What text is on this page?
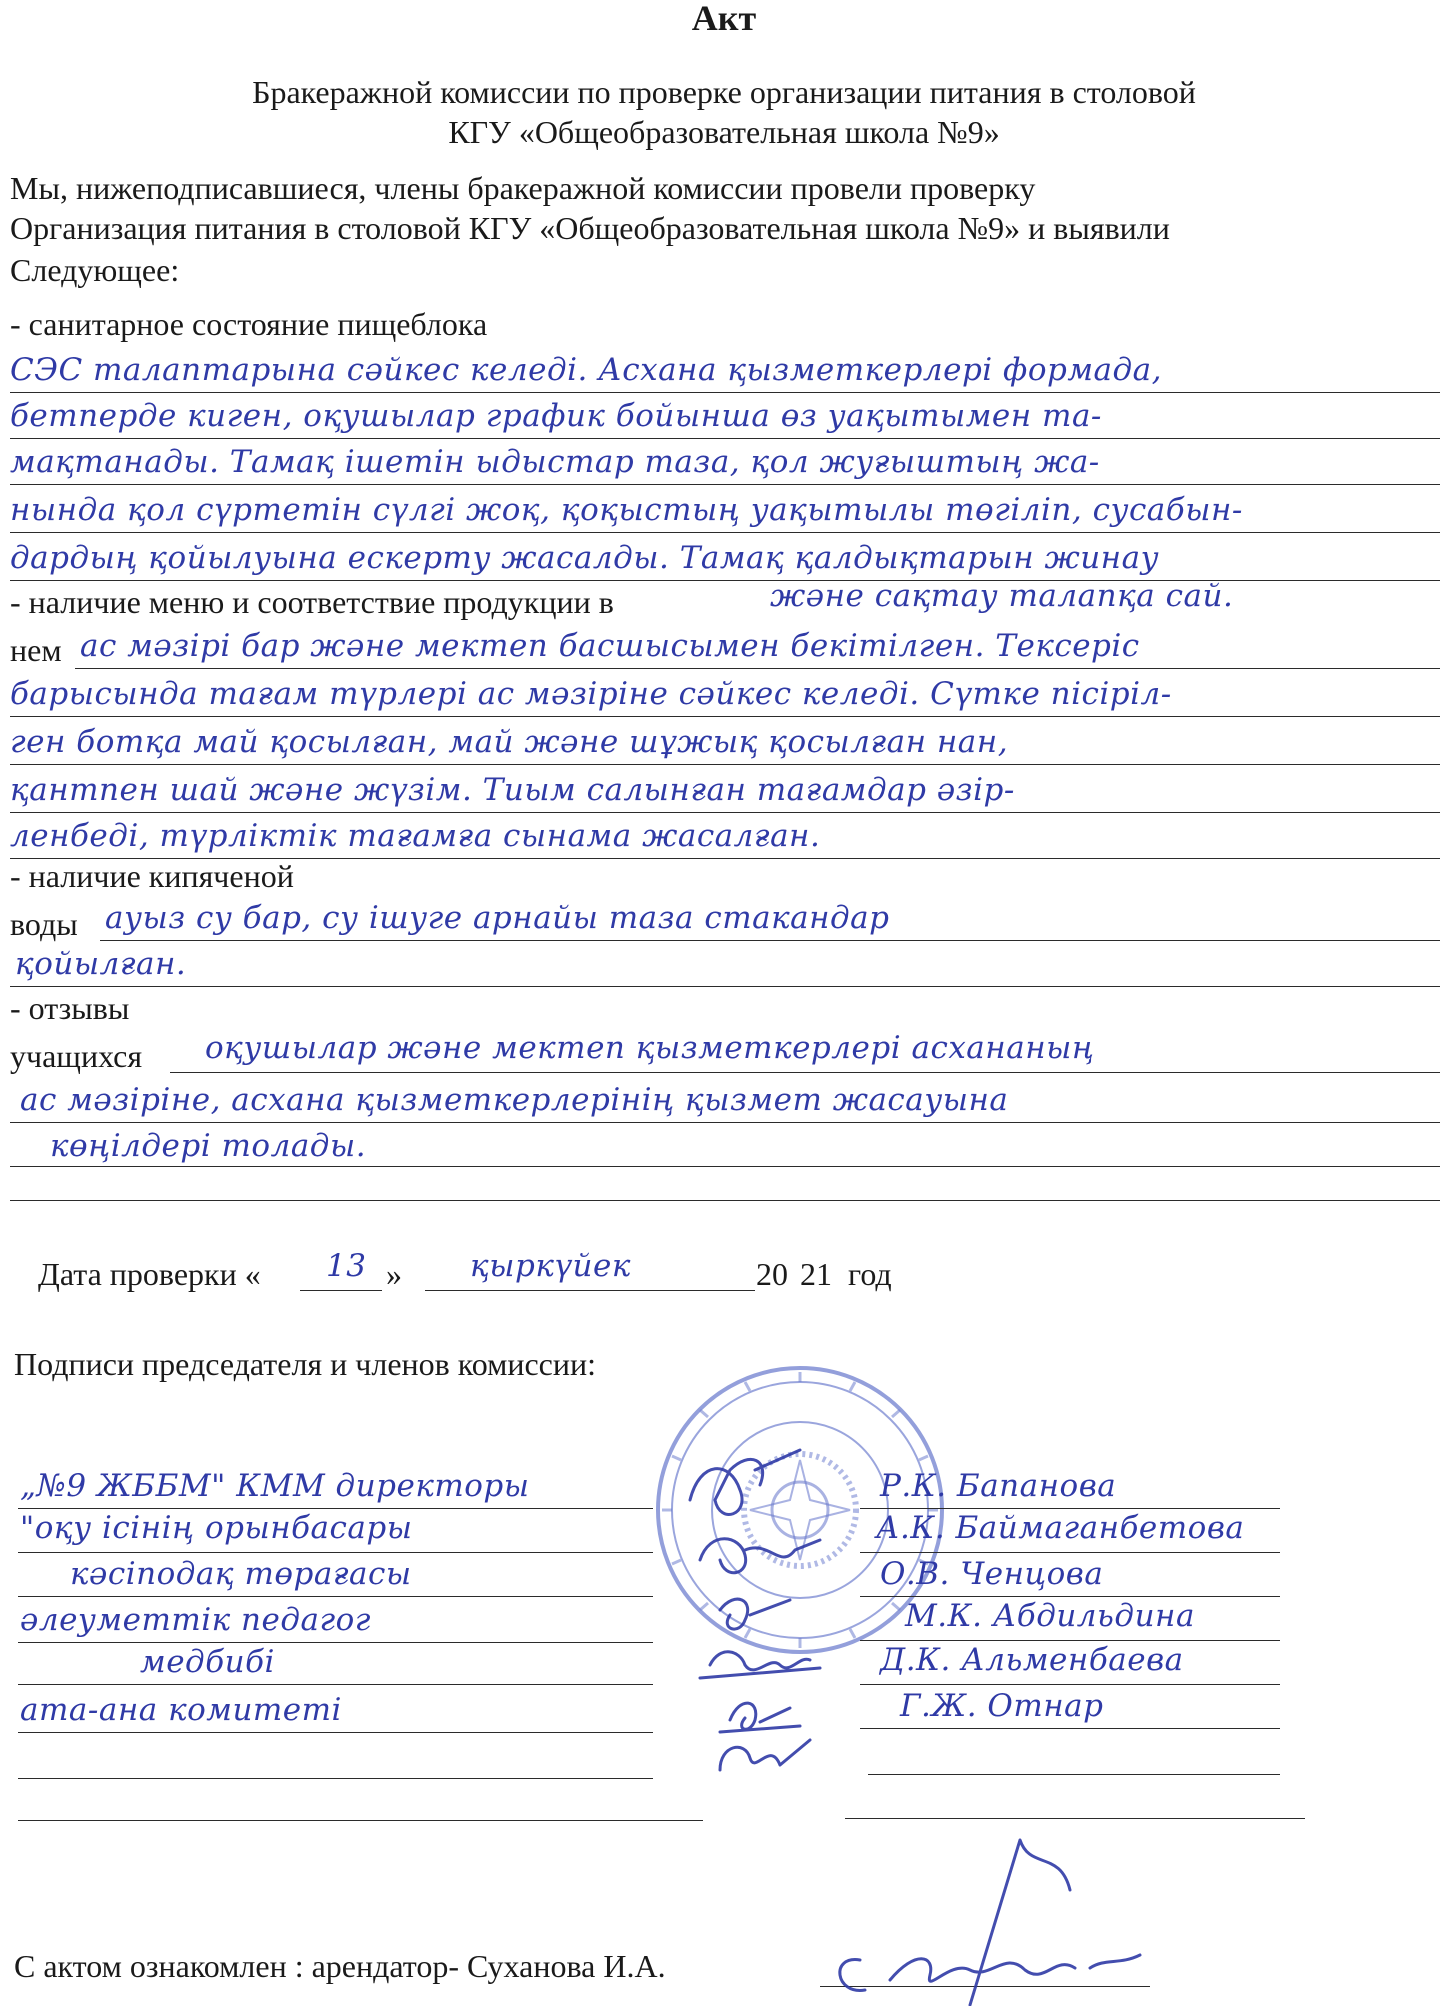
Акт
Бракеражной комиссии по проверке организации питания в столовой
КГУ «Общеобразовательная школа №9»
Мы, нижеподписавшиеся, члены бракеражной комиссии провели проверку
Организация питания в столовой КГУ «Общеобразовательная школа №9» и выявили
Следующее:
- санитарное состояние пищеблока
СЭС талаптарына сәйкес келеді. Асхана қызметкерлері формада,
бетперде киген, оқушылар график бойынша өз уақытымен та-
мақтанады. Тамақ ішетін ыдыстар таза, қол жуғыштың жа-
нында қол сүртетін сүлгі жоқ, қоқыстың уақытылы төгіліп, сусабын-
дардың қойылуына ескерту жасалды. Тамақ қалдықтарын жинау
- наличие меню и соответствие продукции в	және сақтау талапқа сай.
нем ас мәзірі бар және мектеп басшысымен бекітілген. Тексеріс
барысында тағам түрлері ас мәзіріне сәйкес келеді. Сүтке пісіріл-
ген ботқа май қосылған, май және шұжық қосылған нан,
қантпен шай және жүзім. Тиым салынған тағамдар әзір-
ленбеді, түрліктік тағамға сынама жасалған.
- наличие кипяченой
воды ауыз су бар, су ішуге арнайы таза стакандар
қойылған.
- отзывы
учащихся оқушылар және мектеп қызметкерлері асхананың
ас мәзіріне, асхана қызметкерлерінің қызмет жасауына
көңілдері толады.
Дата проверки « 13 » қыркүйек	20 21 год
Подписи председателя и членов комиссии:
„№9 ЖББМ" КММ директоры
"оқу ісінің орынбасары
кәсіподақ төрағасы
әлеуметтік педагог
медбибі
ата-ана комитеті
Р.К. Бапанова
А.К. Баймаганбетова
О.В. Ченцова
М.К. Абдильдина
Д.К. Альменбаева
Г.Ж. Отнар
С актом ознакомлен : арендатор- Суханова И.А.
